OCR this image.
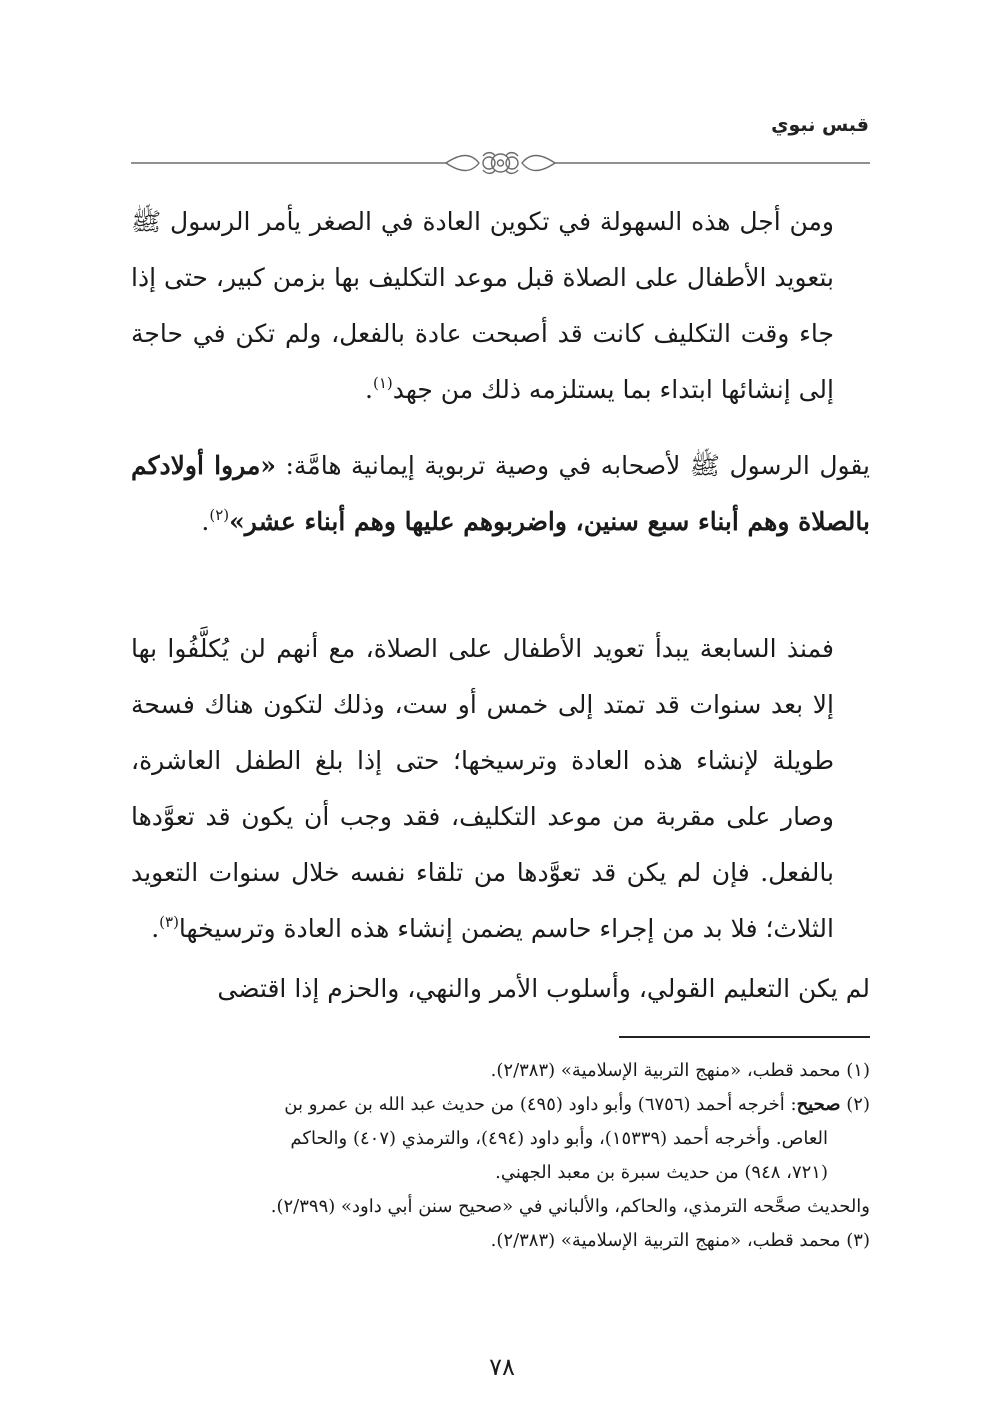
قبس نبوي

ومن أجل هذه السهولة في تكوين العادة في الصغر يأمر الرسول ﷺ بتعويد الأطفال على الصلاة قبل موعد التكليف بها بزمن كبير، حتى إذا جاء وقت التكليف كانت قد أصبحت عادة بالفعل، ولم تكن في حاجة إلى إنشائها ابتداء بما يستلزمه ذلك من جهد$^{(١)}$.

يقول الرسول ﷺ لأصحابه في وصية تربوية إيمانية هامَّة: «مروا أولادكم بالصلاة وهم أبناء سبع سنين، واضربوهم عليها وهم أبناء عشر»$^{(٢)}$.

فمنذ السابعة يبدأ تعويد الأطفال على الصلاة، مع أنهم لن يُكلَّفُوا بها إلا بعد سنوات قد تمتد إلى خمس أو ست، وذلك لتكون هناك فسحة طويلة لإنشاء هذه العادة وترسيخها؛ حتى إذا بلغ الطفل العاشرة، وصار على مقربة من موعد التكليف، فقد وجب أن يكون قد تعوَّدها بالفعل. فإن لم يكن قد تعوَّدها من تلقاء نفسه خلال سنوات التعويد الثلاث؛ فلا بد من إجراء حاسم يضمن إنشاء هذه العادة وترسيخها$^{(٣)}$.

لم يكن التعليم القولي، وأسلوب الأمر والنهي، والحزم إذا اقتضى

(١) محمد قطب، «منهج التربية الإسلامية» (٢/٣٨٣).

(٢) صحيح: أخرجه أحمد (٦٧٥٦) وأبو داود (٤٩٥) من حديث عبد الله بن عمرو بن

العاص. وأخرجه أحمد (١٥٣٣٩)، وأبو داود (٤٩٤)، والترمذي (٤٠٧) والحاكم

(٧٢١، ٩٤٨) من حديث سبرة بن معبد الجهني.

والحديث صحَّحه الترمذي، والحاكم، والألباني في «صحيح سنن أبي داود» (٢/٣٩٩).

(٣) محمد قطب، «منهج التربية الإسلامية» (٢/٣٨٣).

٧٨
